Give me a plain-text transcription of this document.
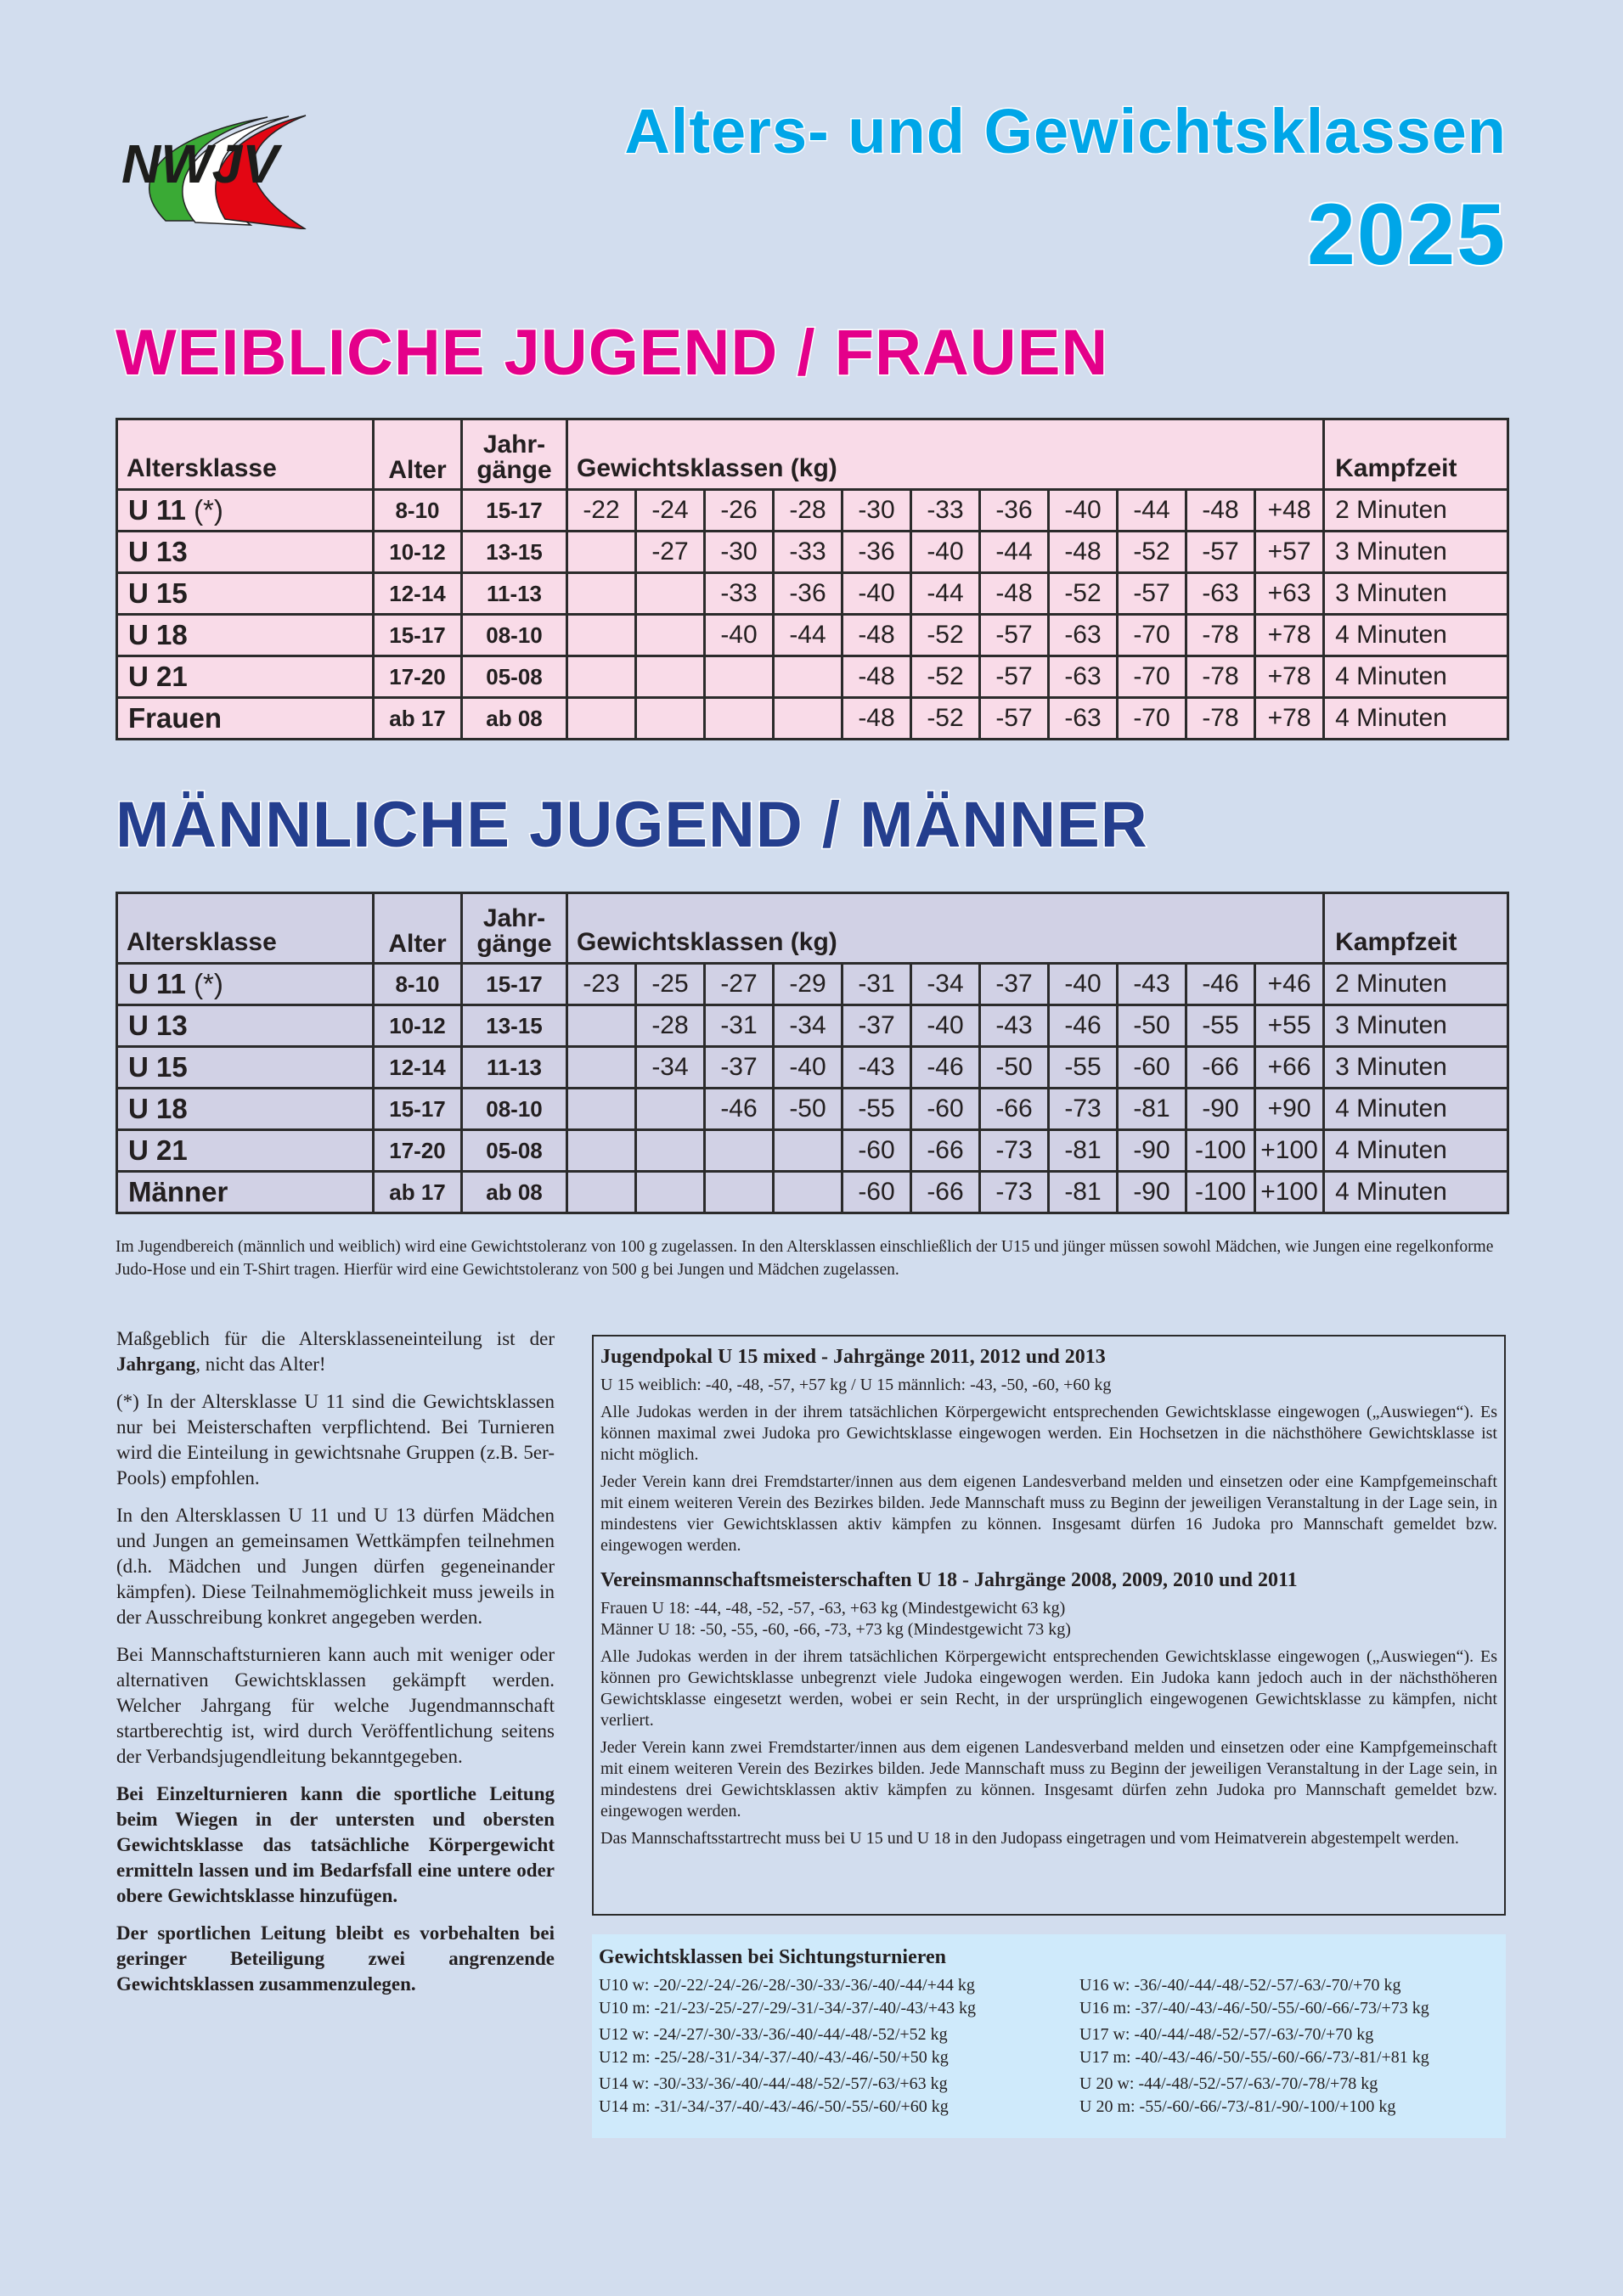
NWJV	Alters- und Gewichtsklassen
2025
WEIBLICHE JUGEND / FRAUEN
Altersklasse	Alter	Jahr-
gänge	Gewichtsklassen (kg)											Kampfzeit
U 11 (*)	8-10	15-17	-22	-24	-26	-28	-30	-33	-36	-40	-44	-48	+48	2 Minuten
U 13	10-12	13-15		-27	-30	-33	-36	-40	-44	-48	-52	-57	+57	3 Minuten
U 15	12-14	11-13			-33	-36	-40	-44	-48	-52	-57	-63	+63	3 Minuten
U 18	15-17	08-10			-40	-44	-48	-52	-57	-63	-70	-78	+78	4 Minuten
U 21	17-20	05-08					-48	-52	-57	-63	-70	-78	+78	4 Minuten
Frauen	ab 17	ab 08					-48	-52	-57	-63	-70	-78	+78	4 Minuten
MÄNNLICHE JUGEND / MÄNNER
Altersklasse	Alter	Jahr-
gänge	Gewichtsklassen (kg)											Kampfzeit
U 11 (*)	8-10	15-17	-23	-25	-27	-29	-31	-34	-37	-40	-43	-46	+46	2 Minuten
U 13	10-12	13-15		-28	-31	-34	-37	-40	-43	-46	-50	-55	+55	3 Minuten
U 15	12-14	11-13		-34	-37	-40	-43	-46	-50	-55	-60	-66	+66	3 Minuten
U 18	15-17	08-10			-46	-50	-55	-60	-66	-73	-81	-90	+90	4 Minuten
U 21	17-20	05-08					-60	-66	-73	-81	-90	-100	+100	4 Minuten
Männer	ab 17	ab 08					-60	-66	-73	-81	-90	-100	+100	4 Minuten
Im Jugendbereich (männlich und weiblich) wird eine Gewichtstoleranz von 100 g zugelassen. In den Altersklassen einschließlich der U15 und jünger müssen sowohl Mädchen, wie Jungen eine regelkonforme Judo-Hose und ein T-Shirt tragen. Hierfür wird eine Gewichtstoleranz von 500 g bei Jungen und Mädchen zugelassen.

Maßgeblich für die Altersklasseneinteilung ist der Jahrgang, nicht das Alter!

(*) In der Altersklasse U 11 sind die Gewichtsklassen nur bei Meisterschaften verpflichtend. Bei Turnieren wird die Einteilung in gewichtsnahe Gruppen (z.B. 5er-Pools) empfohlen.

In den Altersklassen U 11 und U 13 dürfen Mädchen und Jungen an gemeinsamen Wettkämpfen teilnehmen (d.h. Mädchen und Jungen dürfen gegeneinander kämpfen). Diese Teilnahmemöglichkeit muss jeweils in der Ausschreibung konkret angegeben werden.

Bei Mannschaftsturnieren kann auch mit weniger oder alternativen Gewichtsklassen gekämpft werden. Welcher Jahrgang für welche Jugendmannschaft startberechtig ist, wird durch Veröffentlichung seitens der Verbandsjugendleitung bekanntgegeben.

Bei Einzelturnieren kann die sportliche Leitung beim Wiegen in der untersten und obersten Gewichtsklasse das tatsächliche Körpergewicht ermitteln lassen und im Bedarfsfall eine untere oder obere Gewichtsklasse hinzufügen.

Der sportlichen Leitung bleibt es vorbehalten bei geringer Beteiligung zwei angrenzende Gewichtsklassen zusammenzulegen.

Jugendpokal U 15 mixed - Jahrgänge 2011, 2012 und 2013

U 15 weiblich: -40, -48, -57, +57 kg / U 15 männlich: -43, -50, -60, +60 kg

Alle Judokas werden in der ihrem tatsächlichen Körpergewicht entsprechenden Gewichtsklasse eingewogen („Auswiegen“). Es können maximal zwei Judoka pro Gewichtsklasse eingewogen werden. Ein Hochsetzen in die nächsthöhere Gewichtsklasse ist nicht möglich.

Jeder Verein kann drei Fremdstarter/innen aus dem eigenen Landesverband melden und einsetzen oder eine Kampfgemeinschaft mit einem weiteren Verein des Bezirkes bilden. Jede Mannschaft muss zu Beginn der jeweiligen Veranstaltung in der Lage sein, in mindestens vier Gewichtsklassen aktiv kämpfen zu können. Insgesamt dürfen 16 Judoka pro Mannschaft gemeldet bzw. eingewogen werden.

Vereinsmannschaftsmeisterschaften U 18 - Jahrgänge 2008, 2009, 2010 und 2011

Frauen U 18: -44, -48, -52, -57, -63, +63 kg (Mindestgewicht 63 kg)

Männer U 18: -50, -55, -60, -66, -73, +73 kg (Mindestgewicht 73 kg)

Alle Judokas werden in der ihrem tatsächlichen Körpergewicht entsprechenden Gewichtsklasse eingewogen („Auswiegen“). Es können pro Gewichtsklasse unbegrenzt viele Judoka eingewogen werden. Ein Judoka kann jedoch auch in der nächsthöheren Gewichtsklasse eingesetzt werden, wobei er sein Recht, in der ursprünglich eingewogenen Gewichtsklasse zu kämpfen, nicht verliert.

Jeder Verein kann zwei Fremdstarter/innen aus dem eigenen Landesverband melden und einsetzen oder eine Kampfgemeinschaft mit einem weiteren Verein des Bezirkes bilden. Jede Mannschaft muss zu Beginn der jeweiligen Veranstaltung in der Lage sein, in mindestens drei Gewichtsklassen aktiv kämpfen zu können. Insgesamt dürfen zehn Judoka pro Mannschaft gemeldet bzw. eingewogen werden.

Das Mannschaftsstartrecht muss bei U 15 und U 18 in den Judopass eingetragen und vom Heimatverein abgestempelt werden.

Gewichtsklassen bei Sichtungsturnieren
U10 w: -20/-22/-24/-26/-28/-30/-33/-36/-40/-44/+44 kg
U10 m: -21/-23/-25/-27/-29/-31/-34/-37/-40/-43/+43 kg
U12 w: -24/-27/-30/-33/-36/-40/-44/-48/-52/+52 kg
U12 m: -25/-28/-31/-34/-37/-40/-43/-46/-50/+50 kg
U14 w: -30/-33/-36/-40/-44/-48/-52/-57/-63/+63 kg
U14 m: -31/-34/-37/-40/-43/-46/-50/-55/-60/+60 kg
U16 w: -36/-40/-44/-48/-52/-57/-63/-70/+70 kg
U16 m: -37/-40/-43/-46/-50/-55/-60/-66/-73/+73 kg
U17 w: -40/-44/-48/-52/-57/-63/-70/+70 kg
U17 m: -40/-43/-46/-50/-55/-60/-66/-73/-81/+81 kg
U 20 w: -44/-48/-52/-57/-63/-70/-78/+78 kg
U 20 m: -55/-60/-66/-73/-81/-90/-100/+100 kg
